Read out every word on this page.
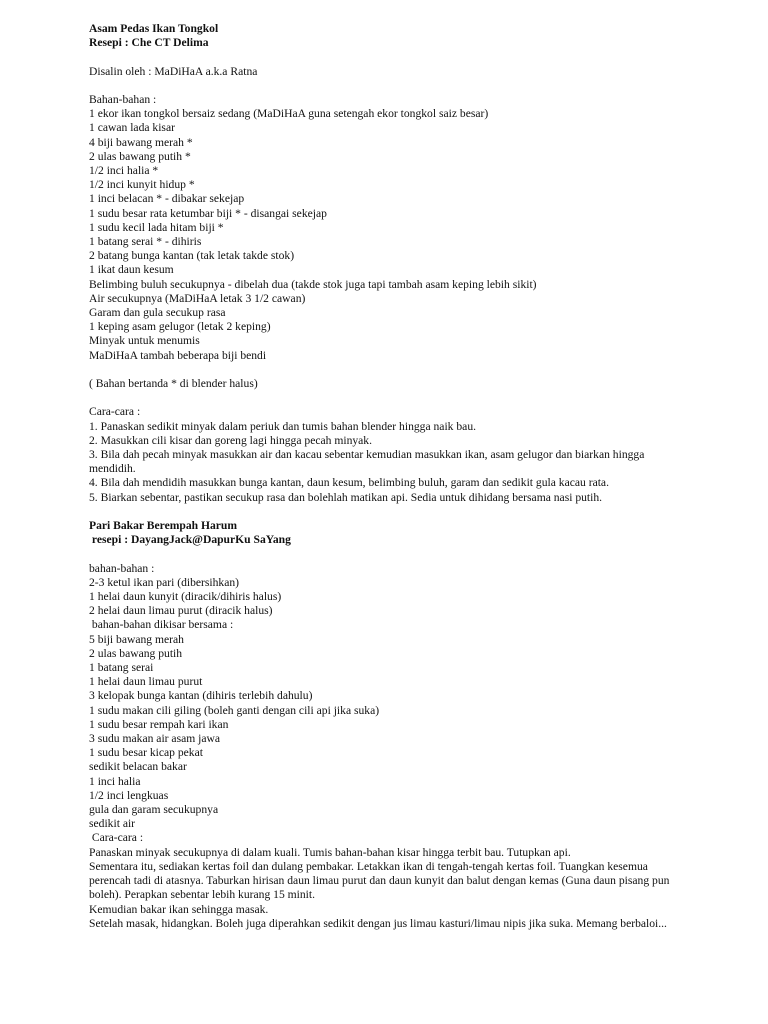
Asam Pedas Ikan Tongkol
Resepi : Che CT Delima
Disalin oleh : MaDiHaA a.k.a Ratna
Bahan-bahan :
1 ekor ikan tongkol bersaiz sedang (MaDiHaA guna setengah ekor tongkol saiz besar)
1 cawan lada kisar
4 biji bawang merah *
2 ulas bawang putih *
1/2 inci halia *
1/2 inci kunyit hidup *
1 inci belacan * - dibakar sekejap
1 sudu besar rata ketumbar biji * - disangai sekejap
1 sudu kecil lada hitam biji *
1 batang serai * - dihiris
2 batang bunga kantan (tak letak takde stok)
1 ikat daun kesum
Belimbing buluh secukupnya - dibelah dua (takde stok juga tapi tambah asam keping lebih sikit)
Air secukupnya (MaDiHaA letak 3 1/2 cawan)
Garam dan gula secukup rasa
1 keping asam gelugor (letak 2 keping)
Minyak untuk menumis
MaDiHaA tambah beberapa biji bendi
( Bahan bertanda * di blender halus)
Cara-cara :
1. Panaskan sedikit minyak dalam periuk dan tumis bahan blender hingga naik bau.
2. Masukkan cili kisar dan goreng lagi hingga pecah minyak.
3. Bila dah pecah minyak masukkan air dan kacau sebentar kemudian masukkan ikan, asam gelugor dan biarkan hingga mendidih.
4. Bila dah mendidih masukkan bunga kantan, daun kesum, belimbing buluh, garam dan sedikit gula kacau rata.
5. Biarkan sebentar, pastikan secukup rasa dan bolehlah matikan api. Sedia untuk dihidang bersama nasi putih.
Pari Bakar Berempah Harum
resepi : DayangJack@DapurKu SaYang
bahan-bahan :
2-3 ketul ikan pari (dibersihkan)
1 helai daun kunyit (diracik/dihiris halus)
2 helai daun limau purut (diracik halus)
bahan-bahan dikisar bersama :
5 biji bawang merah
2 ulas bawang putih
1 batang serai
1 helai daun limau purut
3 kelopak bunga kantan (dihiris terlebih dahulu)
1 sudu makan cili giling (boleh ganti dengan cili api jika suka)
1 sudu besar rempah kari ikan
3 sudu makan air asam jawa
1 sudu besar kicap pekat
sedikit belacan bakar
1 inci halia
1/2 inci lengkuas
gula dan garam secukupnya
sedikit air
Cara-cara :
Panaskan minyak secukupnya di dalam kuali. Tumis bahan-bahan kisar hingga terbit bau. Tutupkan api.
Sementara itu, sediakan kertas foil dan dulang pembakar. Letakkan ikan di tengah-tengah kertas foil. Tuangkan kesemua perencah tadi di atasnya. Taburkan hirisan daun limau purut dan daun kunyit dan balut dengan kemas (Guna daun pisang pun boleh). Perapkan sebentar lebih kurang 15 minit.
Kemudian bakar ikan sehingga masak.
Setelah masak, hidangkan. Boleh juga diperahkan sedikit dengan jus limau kasturi/limau nipis jika suka. Memang berbaloi...
